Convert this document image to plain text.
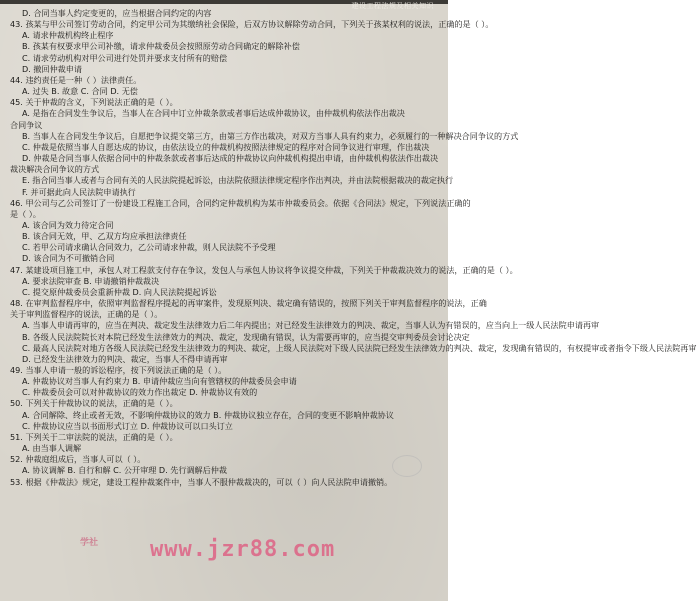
建设工程法规及相关知识
D. 合同当事人约定变更的，应当根据合同约定的内容
43. 孩某与甲公司签订劳动合同，约定甲公司为其缴纳社会保险，后双方协议解除劳动合同，下列关于孩某权利的说法，正确的是（ ）。
A. 请求仲裁机构终止程序
B. 孩某有权要求甲公司补缴，请求仲裁委员会按照原劳动合同确定的解除补偿
C. 请求劳动机构对甲公司进行处罚并要求支付所有的赔偿
D. 撤回仲裁申请
44. 违约责任是一种（ ）法律责任。
A. 过失 B. 故意 C. 合同 D. 无偿
45. 关于仲裁的含义，下列说法正确的是（ ）。
A. 是指在合同发生争议后，当事人在合同中订立仲裁条款或者事后达成仲裁协议，由仲裁机构依法作出裁决
合同争议
B. 当事人在合同发生争议后，自愿把争议提交第三方，由第三方作出裁决，对双方当事人具有约束力，必须履行的一种解决合同争议的方式
C. 仲裁是依照当事人自愿达成的协议，由依法设立的仲裁机构按照法律规定的程序对合同争议进行审理，作出裁决
D. 仲裁是合同当事人依据合同中的仲裁条款或者事后达成的仲裁协议向仲裁机构提出申请，由仲裁机构依法作出裁决
裁决解决合同争议的方式
E. 指合同当事人或者与合同有关的人民法院提起诉讼，由法院依照法律规定程序作出判决，并由法院根据裁决的裁定执行
F. 并可据此向人民法院申请执行
46. 甲公司与乙公司签订了一份建设工程施工合同，合同约定仲裁机构为某市仲裁委员会。依据《合同法》规定，下列说法正确的
是（ ）。
A. 该合同为效力待定合同
B. 该合同无效，甲、乙双方均应承担法律责任
C. 若甲公司请求确认合同效力，乙公司请求仲裁，则人民法院不予受理
D. 该合同为不可撤销合同
47. 某建设项目施工中，承包人对工程款支付存在争议，发包人与承包人协议将争议提交仲裁，下列关于仲裁裁决效力的说法，正确的是（ ）。
A. 要求法院审查 B. 申请撤销仲裁裁决
C. 提交原仲裁委员会重新仲裁 D. 向人民法院提起诉讼
48. 在审判监督程序中，依照审判监督程序提起的再审案件，发现原判决、裁定确有错误的，按照下列关于审判监督程序的说法，正确
关于审判监督程序的说法，正确的是（ ）。
A. 当事人申请再审的，应当在判决、裁定发生法律效力后二年内提出；对已经发生法律效力的判决、裁定，当事人认为有错误的，应当向上一级人民法院申请再审
B. 各级人民法院院长对本院已经发生法律效力的判决、裁定，发现确有错误，认为需要再审的，应当提交审判委员会讨论决定
C. 最高人民法院对地方各级人民法院已经发生法律效力的判决、裁定，上级人民法院对下级人民法院已经发生法律效力的判决、裁定，发现确有错误的，有权提审或者指令下级人民法院再审
D. 已经发生法律效力的判决、裁定，当事人不得申请再审
49. 当事人申请一般的诉讼程序，按下列说法正确的是（ ）。
A. 仲裁协议对当事人有约束力 B. 申请仲裁应当向有管辖权的仲裁委员会申请
C. 仲裁委员会可以对仲裁协议的效力作出裁定 D. 仲裁协议有效的
50. 下列关于仲裁协议的说法，正确的是（ ）。
A. 合同解除、终止或者无效，不影响仲裁协议的效力 B. 仲裁协议独立存在，合同的变更不影响仲裁协议
C. 仲裁协议应当以书面形式订立 D. 仲裁协议可以口头订立
51. 下列关于二审法院的说法，正确的是（ ）。
A. 由当事人调解
52. 仲裁庭组成后，当事人可以（ ）。
A. 协议调解 B. 自行和解 C. 公开审理 D. 先行调解后仲裁
53. 根据《仲裁法》规定，建设工程仲裁案件中，当事人不服仲裁裁决的，可以（ ）向人民法院申请撤销。
学社	www.jzr88.com
